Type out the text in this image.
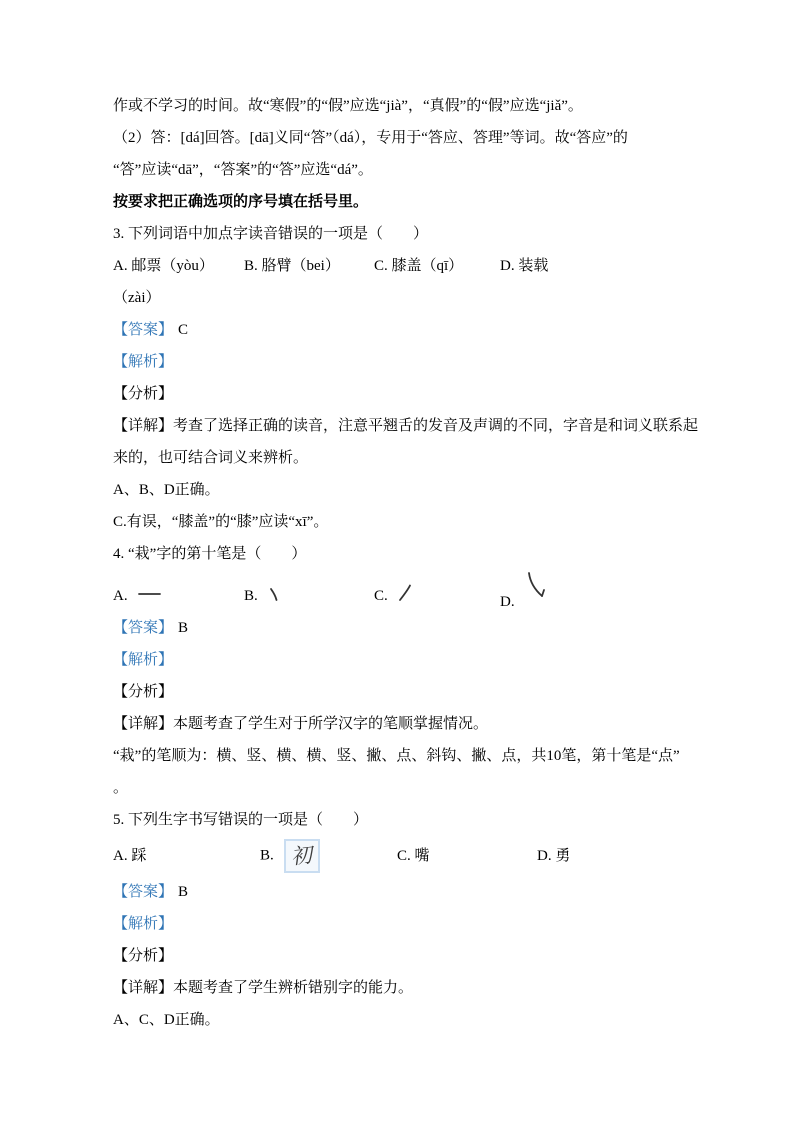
作或不学习的时间。故“寒假”的“假”应选“jià”，“真假”的“假”应选“jiǎ”。

（2）答：[dá]回答。[dā]义同“答”（dá），专用于“答应、答理”等词。故“答应”的

“答”应读“dā”，“答案”的“答”应选“dá”。

按要求把正确选项的序号填在括号里。

3. 下列词语中加点字读音错误的一项是（　　）

A. 邮票（yòu）	B. 胳臂（bei）	C. 膝盖（qī）	D. 装载

（zài）

【答案】 C

【解析】

【分析】

【详解】考查了选择正确的读音，注意平翘舌的发音及声调的不同，字音是和词义联系起

来的，也可结合词义来辨析。

A、B、D正确。

C.有误，“膝盖”的“膝”应读“xī”。

4. “栽”字的第十笔是（　　）

A.	B.	C.	D.

【答案】 B

【解析】

【分析】

【详解】本题考查了学生对于所学汉字的笔顺掌握情况。

“栽”的笔顺为：横、竖、横、横、竖、撇、点、斜钩、撇、点，共10笔，第十笔是“点”

。

5. 下列生字书写错误的一项是（　　）

A. 踩	B. 初	C. 嘴	D. 勇

【答案】 B

【解析】

【分析】

【详解】本题考查了学生辨析错别字的能力。

A、C、D正确。
